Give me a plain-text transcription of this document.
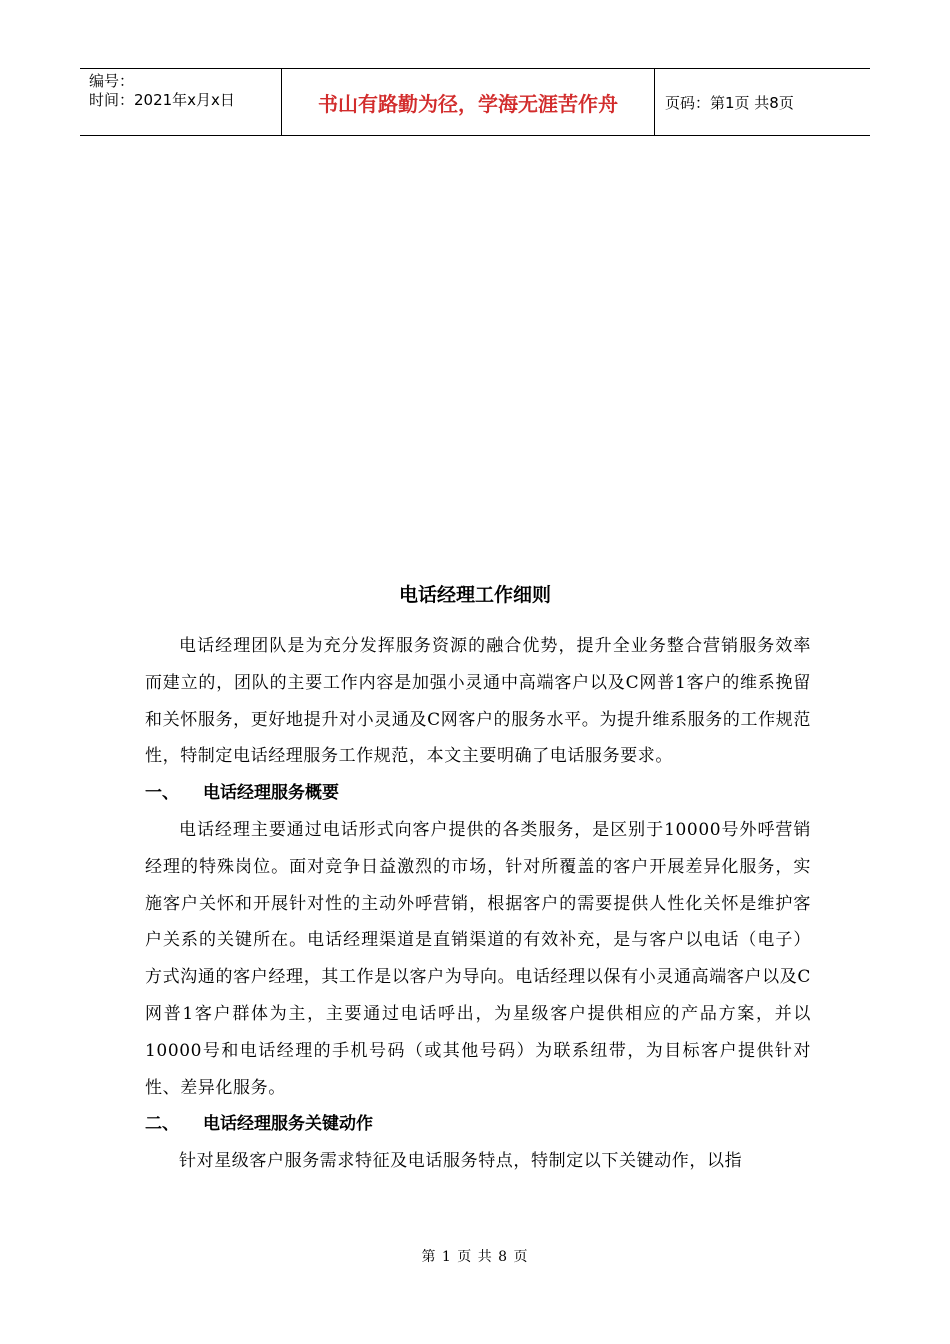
编号：
时间：2021年x月x日	书山有路勤为径，学海无涯苦作舟	页码：第1页 共8页
电话经理工作细则

电话经理团队是为充分发挥服务资源的融合优势，提升全业务整合营销服务效率而建立的，团队的主要工作内容是加强小灵通中高端客户以及C网普1客户的维系挽留和关怀服务，更好地提升对小灵通及C网客户的服务水平。为提升维系服务的工作规范性，特制定电话经理服务工作规范，本文主要明确了电话服务要求。

一、 电话经理服务概要

电话经理主要通过电话形式向客户提供的各类服务，是区别于10000号外呼营销经理的特殊岗位。面对竞争日益激烈的市场，针对所覆盖的客户开展差异化服务，实施客户关怀和开展针对性的主动外呼营销，根据客户的需要提供人性化关怀是维护客户关系的关键所在。电话经理渠道是直销渠道的有效补充，是与客户以电话（电子）方式沟通的客户经理，其工作是以客户为导向。电话经理以保有小灵通高端客户以及C网普1客户群体为主，主要通过电话呼出，为星级客户提供相应的产品方案，并以10000号和电话经理的手机号码（或其他号码）为联系纽带，为目标客户提供针对性、差异化服务。

二、 电话经理服务关键动作

针对星级客户服务需求特征及电话服务特点，特制定以下关键动作，以指

第 1 页 共 8 页
